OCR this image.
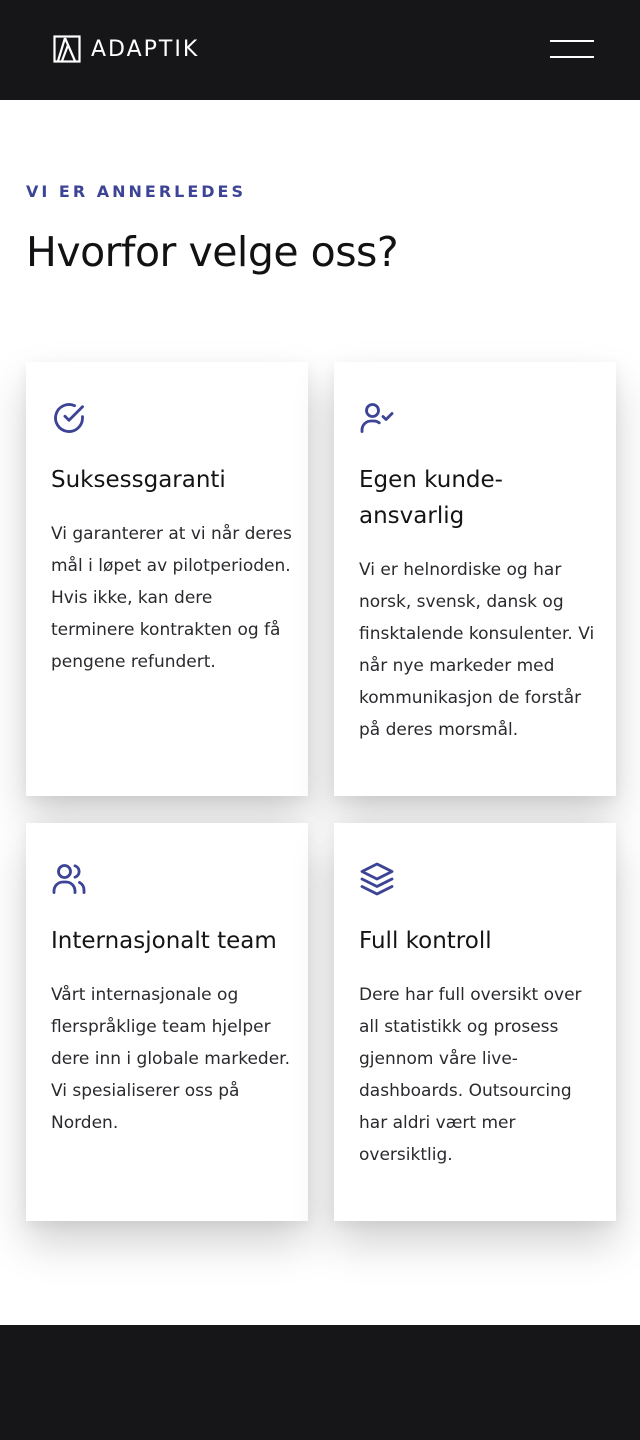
ADAPTIK
VI ER ANNERLEDES
Hvorfor velge oss?
Suksessgaranti

Vi garanterer at vi når deres mål i løpet av pilotperioden. Hvis ikke, kan dere terminere kontrakten og få pengene refundert.

Egen kunde-ansvarlig

Vi er helnordiske og har norsk, svensk, dansk og finsktalende konsulenter. Vi når nye markeder med kommunikasjon de forstår på deres morsmål.

Internasjonalt team

Vårt internasjonale og flerspråklige team hjelper dere inn i globale markeder. Vi spesialiserer oss på Norden.

Full kontroll

Dere har full oversikt over all statistikk og prosess gjennom våre live-dashboards. Outsourcing har aldri vært mer oversiktlig.
